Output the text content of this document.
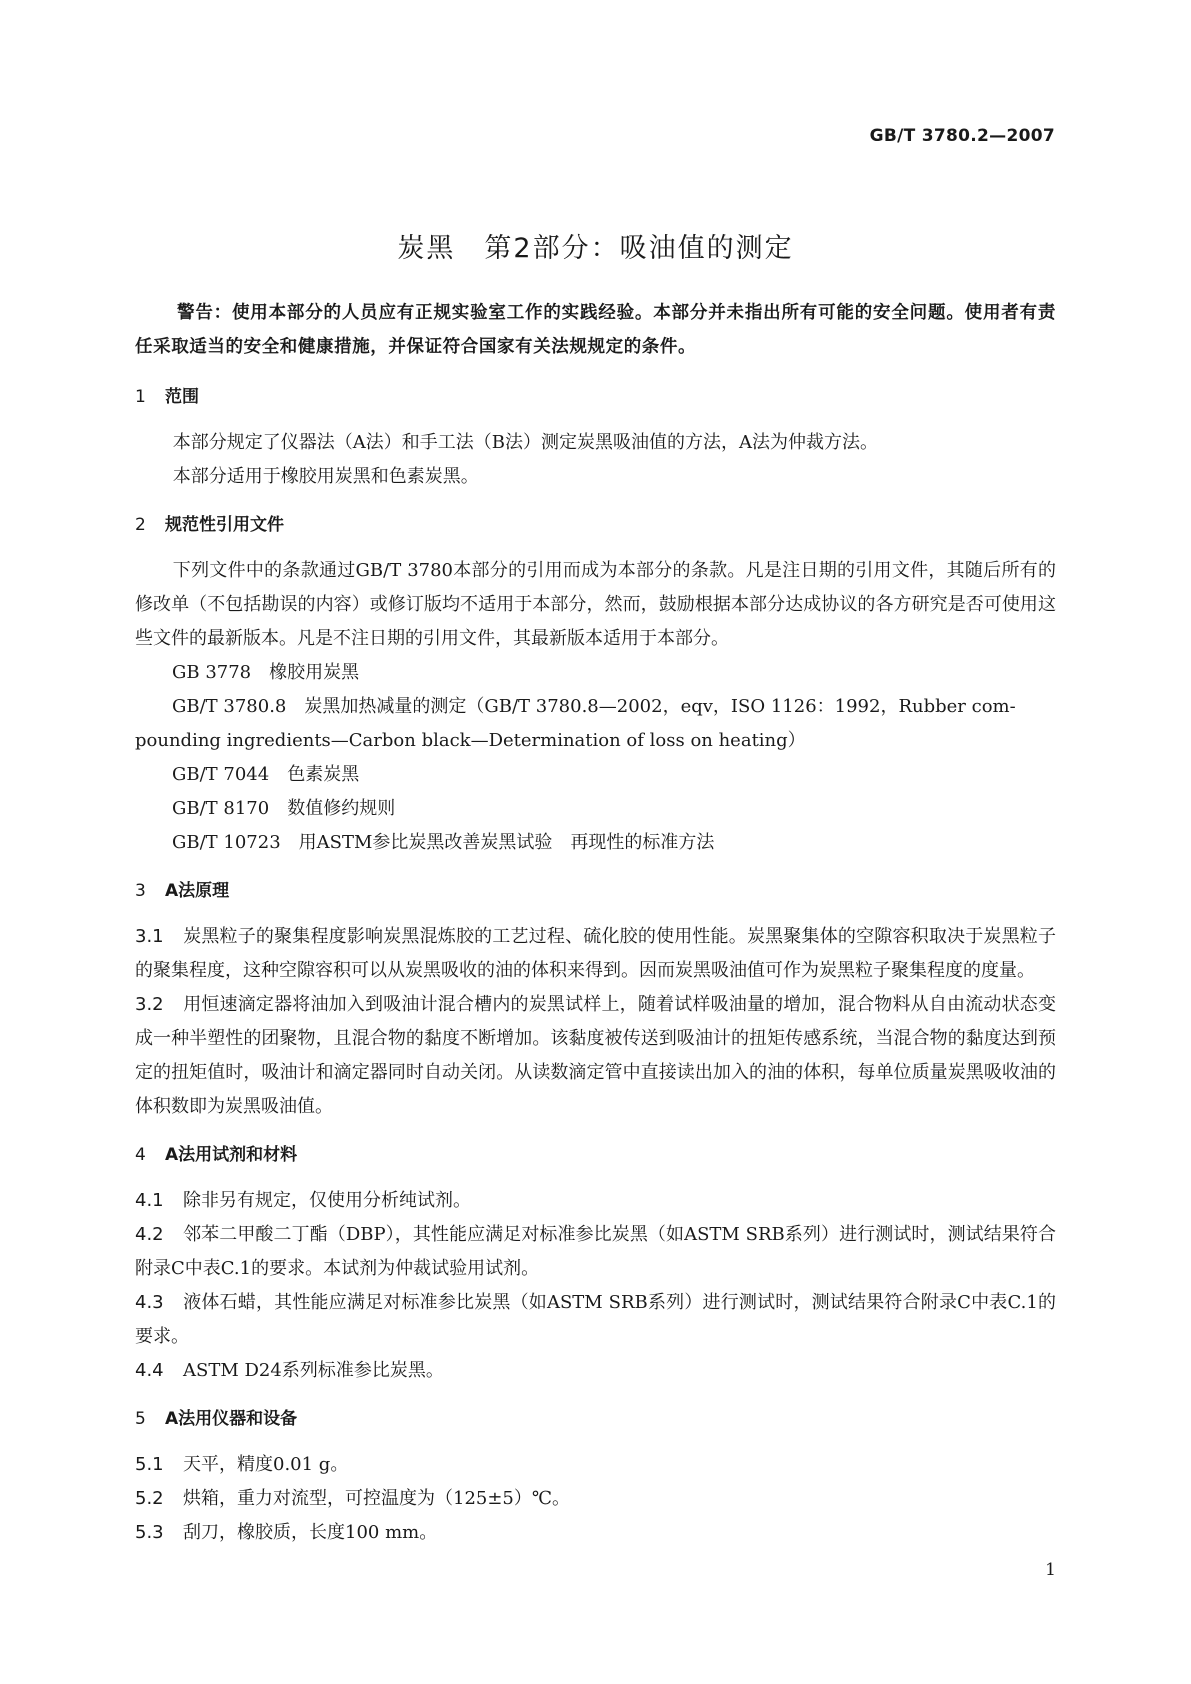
GB/T 3780.2—2007
炭黑　第2部分：吸油值的测定

警告：使用本部分的人员应有正规实验室工作的实践经验。本部分并未指出所有可能的安全问题。使用者有责任采取适当的安全和健康措施，并保证符合国家有关法规规定的条件。

1 范围

本部分规定了仪器法（A法）和手工法（B法）测定炭黑吸油值的方法，A法为仲裁方法。

本部分适用于橡胶用炭黑和色素炭黑。

2 规范性引用文件

下列文件中的条款通过GB/T 3780本部分的引用而成为本部分的条款。凡是注日期的引用文件，其随后所有的修改单（不包括勘误的内容）或修订版均不适用于本部分，然而，鼓励根据本部分达成协议的各方研究是否可使用这些文件的最新版本。凡是不注日期的引用文件，其最新版本适用于本部分。

GB 3778　橡胶用炭黑

GB/T 3780.8　炭黑加热减量的测定（GB/T 3780.8—2002，eqv，ISO 1126：1992，Rubber com-

pounding ingredients—Carbon black—Determination of loss on heating）

GB/T 7044　色素炭黑

GB/T 8170　数值修约规则

GB/T 10723　用ASTM参比炭黑改善炭黑试验　再现性的标准方法

3 A法原理

3.1 炭黑粒子的聚集程度影响炭黑混炼胶的工艺过程、硫化胶的使用性能。炭黑聚集体的空隙容积取决于炭黑粒子的聚集程度，这种空隙容积可以从炭黑吸收的油的体积来得到。因而炭黑吸油值可作为炭黑粒子聚集程度的度量。

3.2 用恒速滴定器将油加入到吸油计混合槽内的炭黑试样上，随着试样吸油量的增加，混合物料从自由流动状态变成一种半塑性的团聚物，且混合物的黏度不断增加。该黏度被传送到吸油计的扭矩传感系统，当混合物的黏度达到预定的扭矩值时，吸油计和滴定器同时自动关闭。从读数滴定管中直接读出加入的油的体积，每单位质量炭黑吸收油的体积数即为炭黑吸油值。

4 A法用试剂和材料

4.1 除非另有规定，仅使用分析纯试剂。

4.2 邻苯二甲酸二丁酯（DBP），其性能应满足对标准参比炭黑（如ASTM SRB系列）进行测试时，测试结果符合附录C中表C.1的要求。本试剂为仲裁试验用试剂。

4.3 液体石蜡，其性能应满足对标准参比炭黑（如ASTM SRB系列）进行测试时，测试结果符合附录C中表C.1的要求。

4.4 ASTM D24系列标准参比炭黑。

5 A法用仪器和设备

5.1 天平，精度0.01 g。

5.2 烘箱，重力对流型，可控温度为（125±5）℃。

5.3 刮刀，橡胶质，长度100 mm。

1
